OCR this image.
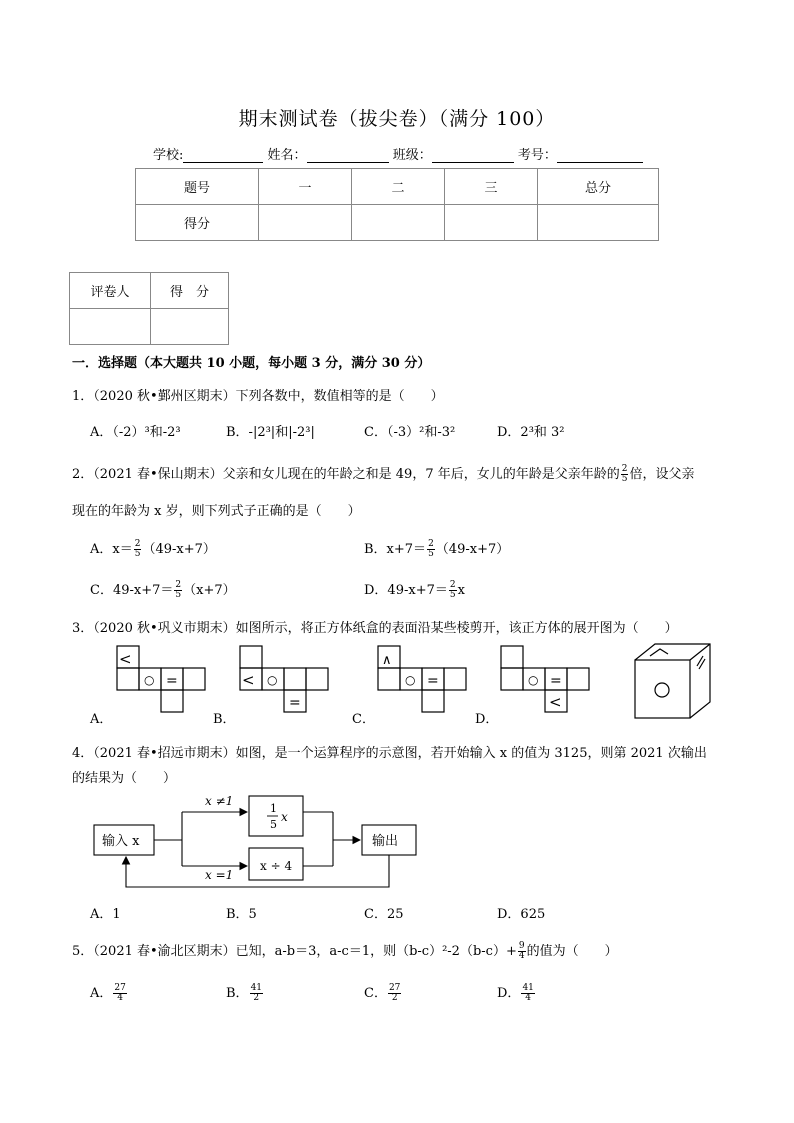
期末测试卷（拔尖卷）（满分 100）
学校:	姓名：	班级：	考号：
题号	一	二	三	总分
得分				
评卷人	得　分

一．选择题（本大题共 10 小题，每小题 3 分，满分 30 分）
1．（2020 秋•鄞州区期末）下列各数中，数值相等的是（　　）
A．（-2）³和-2³	B．-|2³|和|-2³|	C．（-3）²和-3²	D．2³和 3²
2．（2021 春•保山期末）父亲和女儿现在的年龄之和是 49，7 年后，女儿的年龄是父亲年龄的 $\frac{2}{5}$ 倍，设父亲
现在的年龄为 x 岁，则下列式子正确的是（　　）
A．$x= \frac{2}{5} (49-x+7)$	B．$x+7= \frac{2}{5} (49-x+7)$
C．$49-x+7= \frac{2}{5} (x+7)$	D．$49-x+7= \frac{2}{5}$ x
3．（2020 秋•巩义市期末）如图所示，将正方体纸盒的表面沿某些棱剪开，该正方体的展开图为（　　）
<
○ =	< ○
=
∧
○ =	○ =
<
A．	B．	C．	D．
4．（2021 春•招远市期末）如图，是一个运算程序的示意图，若开始输入 x 的值为 3125，则第 2021 次输出
的结果为（　　）
输入 x	输出
x ≠1
x =1
1
5
x
x ÷ 4
A．1	B．5	C．25	D．625
5．（2021 春•渝北区期末）已知，a-b＝3，a-c＝1，则$(b-c)^2-2(b-c)+ \frac{9}{4}$ 的值为（　　）
A． $\frac{27}{4}$	B． $\frac{41}{2}$	C． $\frac{27}{2}$	D． $\frac{41}{4}$
